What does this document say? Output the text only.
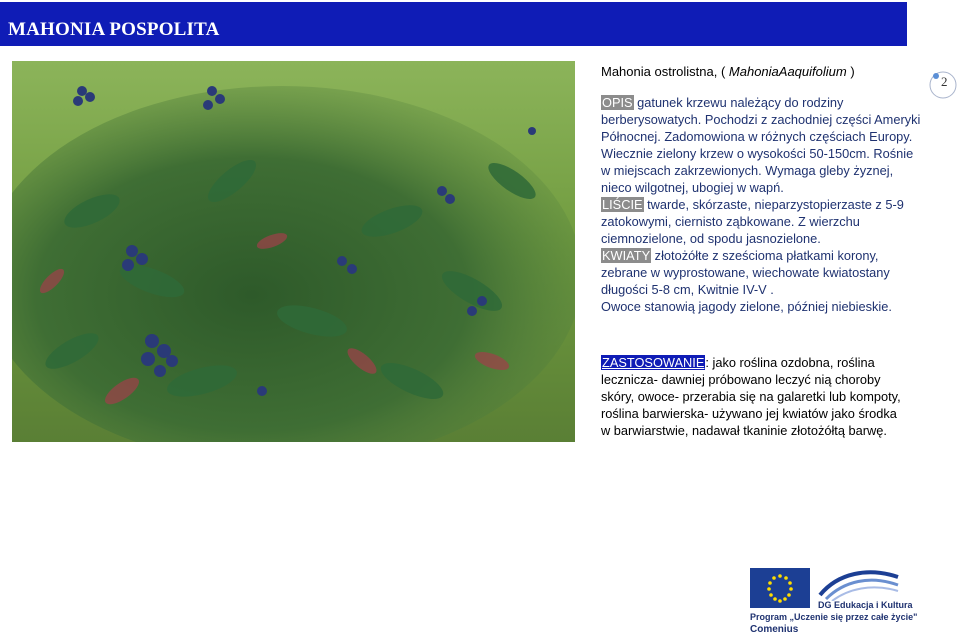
MAHONIA POSPOLITA
2

Mahonia ostrolistna, ( MahoniaAaquifolium )

OPIS gatunek krzewu należący do rodziny berberysowatych. Pochodzi z zachodniej części Ameryki Północnej. Zadomowiona w różnych częściach Europy. Wiecznie zielony krzew o wysokości 50-150cm. Rośnie w miejscach zakrzewionych. Wymaga gleby żyznej, nieco wilgotnej, ubogiej w wapń.
LIŚCIE twarde, skórzaste, nieparzystopierzaste z 5-9 zatokowymi, ciernisto ząbkowane. Z wierzchu ciemnozielone, od spodu jasnozielone.
KWIATY złotożółte z sześcioma płatkami korony, zebrane w wyprostowane, wiechowate kwiatostany długości 5-8 cm, Kwitnie IV-V .
Owoce stanowią jagody zielone, później niebieskie.
ZASTOSOWANIE: jako roślina ozdobna, roślina lecznicza- dawniej próbowano leczyć nią choroby skóry, owoce- przerabia się na galaretki lub kompoty, roślina barwierska- używano jej kwiatów jako środka w barwiarstwie, nadawał tkaninie złotożółtą barwę.
DG Edukacja i Kultura
Program „Uczenie się przez całe życie"
Comenius
